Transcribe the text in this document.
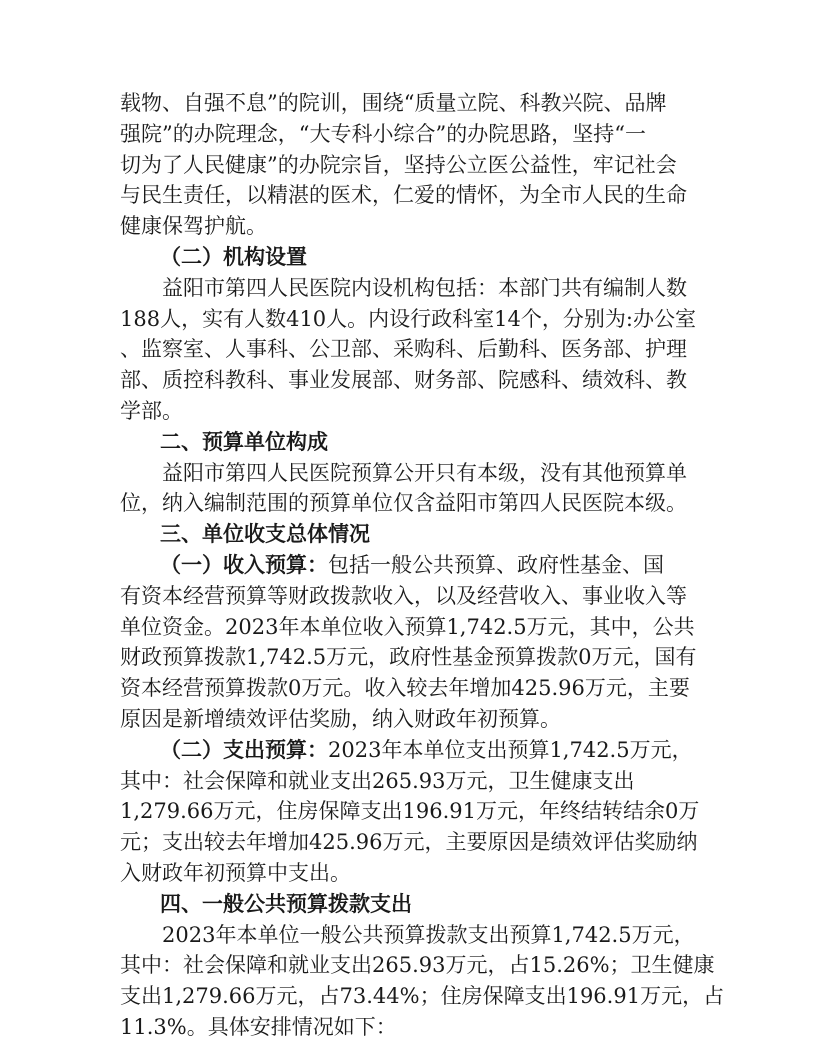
载物、自强不息”的院训，围绕“质量立院、科教兴院、品牌
强院”的办院理念，“大专科小综合”的办院思路，坚持“一
切为了人民健康”的办院宗旨，坚持公立医公益性，牢记社会
与民生责任，以精湛的医术，仁爱的情怀，为全市人民的生命
健康保驾护航。
（二）机构设置
益阳市第四人民医院内设机构包括：本部门共有编制人数
188人，实有人数410人。内设行政科室14个，分别为:办公室
、监察室、人事科、公卫部、采购科、后勤科、医务部、护理
部、质控科教科、事业发展部、财务部、院感科、绩效科、教
学部。
二、预算单位构成
益阳市第四人民医院预算公开只有本级，没有其他预算单
位，纳入编制范围的预算单位仅含益阳市第四人民医院本级。
三、单位收支总体情况
（一）收入预算：包括一般公共预算、政府性基金、国
有资本经营预算等财政拨款收入，以及经营收入、事业收入等
单位资金。2023年本单位收入预算1,742.5万元，其中，公共
财政预算拨款1,742.5万元，政府性基金预算拨款0万元，国有
资本经营预算拨款0万元。收入较去年增加425.96万元，主要
原因是新增绩效评估奖励，纳入财政年初预算。
（二）支出预算：2023年本单位支出预算1,742.5万元，
其中：社会保障和就业支出265.93万元，卫生健康支出
1,279.66万元，住房保障支出196.91万元，年终结转结余0万
元；支出较去年增加425.96万元，主要原因是绩效评估奖励纳
入财政年初预算中支出。
四、一般公共预算拨款支出
2023年本单位一般公共预算拨款支出预算1,742.5万元，
其中：社会保障和就业支出265.93万元，占15.26%；卫生健康
支出1,279.66万元，占73.44%；住房保障支出196.91万元，占
11.3%。具体安排情况如下：
